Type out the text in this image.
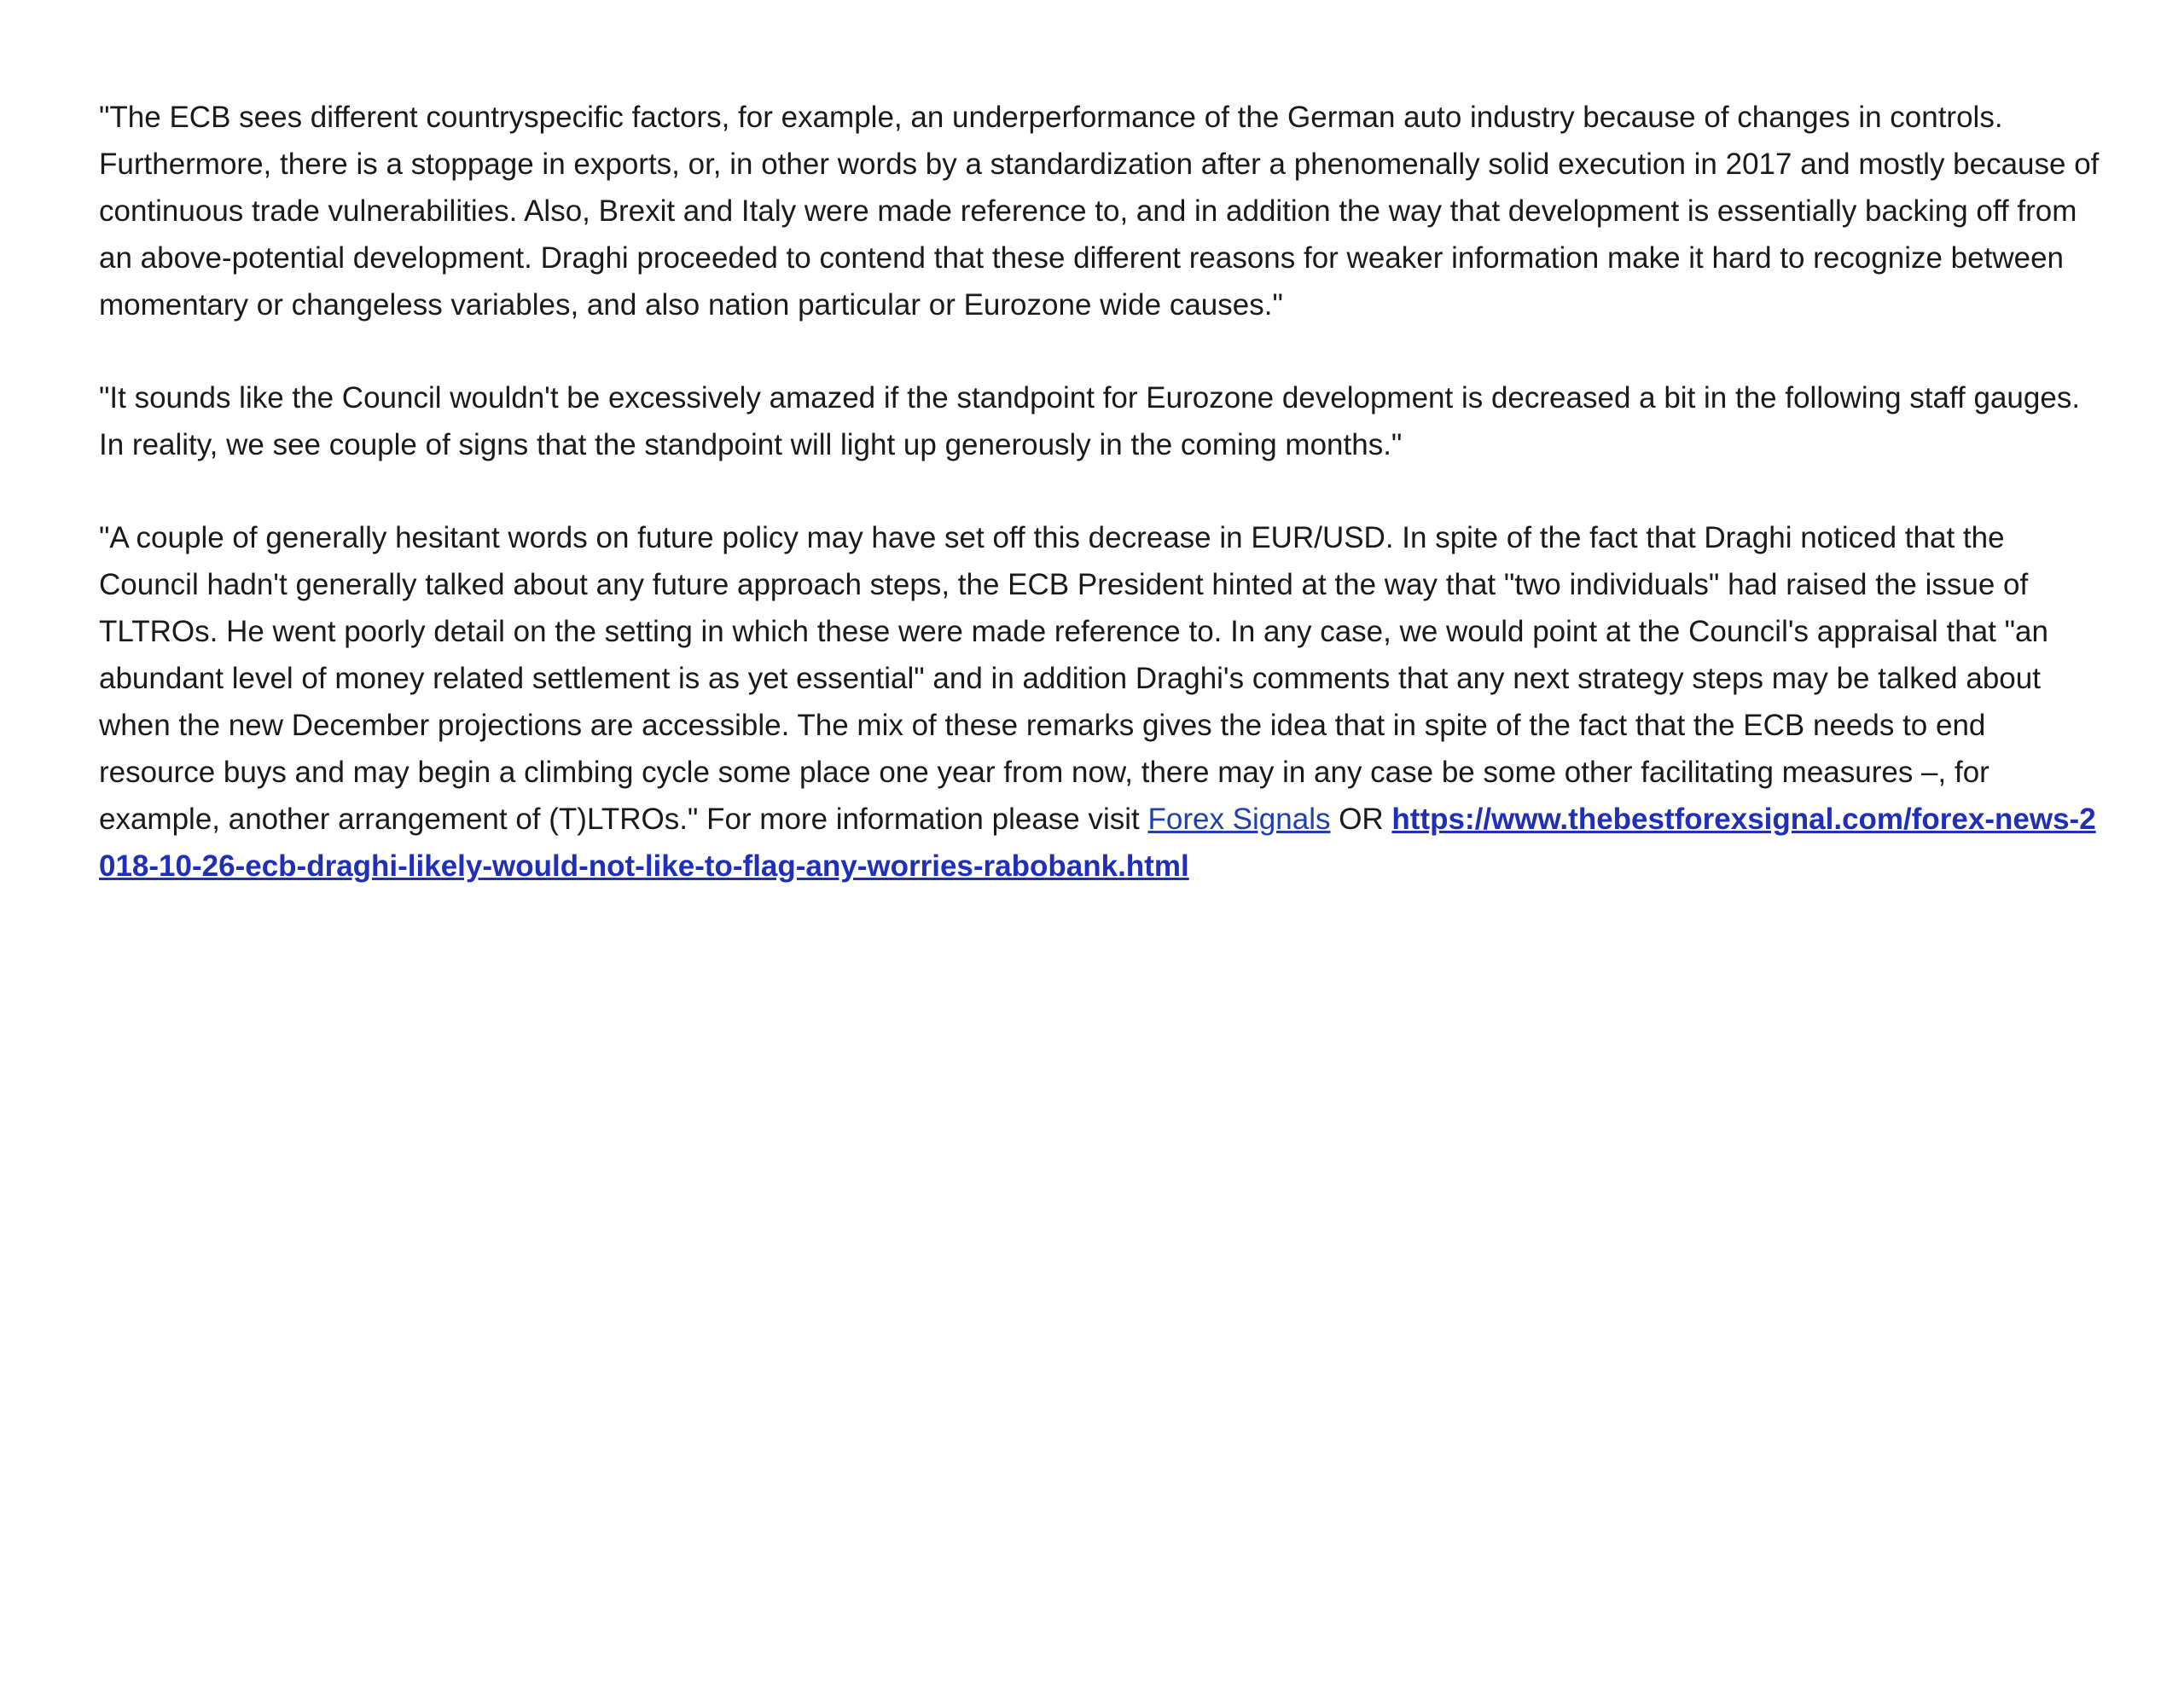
"The ECB sees different countryspecific factors, for example, an underperformance of the German auto industry because of changes in controls. Furthermore, there is a stoppage in exports, or, in other words by a standardization after a phenomenally solid execution in 2017 and mostly because of continuous trade vulnerabilities. Also, Brexit and Italy were made reference to, and in addition the way that development is essentially backing off from an above-potential development. Draghi proceeded to contend that these different reasons for weaker information make it hard to recognize between momentary or changeless variables, and also nation particular or Eurozone wide causes."

"It sounds like the Council wouldn't be excessively amazed if the standpoint for Eurozone development is decreased a bit in the following staff gauges. In reality, we see couple of signs that the standpoint will light up generously in the coming months."

"A couple of generally hesitant words on future policy may have set off this decrease in EUR/USD. In spite of the fact that Draghi noticed that the Council hadn't generally talked about any future approach steps, the ECB President hinted at the way that "two individuals" had raised the issue of TLTROs. He went poorly detail on the setting in which these were made reference to. In any case, we would point at the Council's appraisal that "an abundant level of money related settlement is as yet essential" and in addition Draghi's comments that any next strategy steps may be talked about when the new December projections are accessible. The mix of these remarks gives the idea that in spite of the fact that the ECB needs to end resource buys and may begin a climbing cycle some place one year from now, there may in any case be some other facilitating measures –, for example, another arrangement of (T)LTROs." For more information please visit Forex Signals OR https://www.thebestforexsignal.com/forex-news-2018-10-26-ecb-draghi-likely-would-not-like-to-flag-any-worries-rabobank.html
